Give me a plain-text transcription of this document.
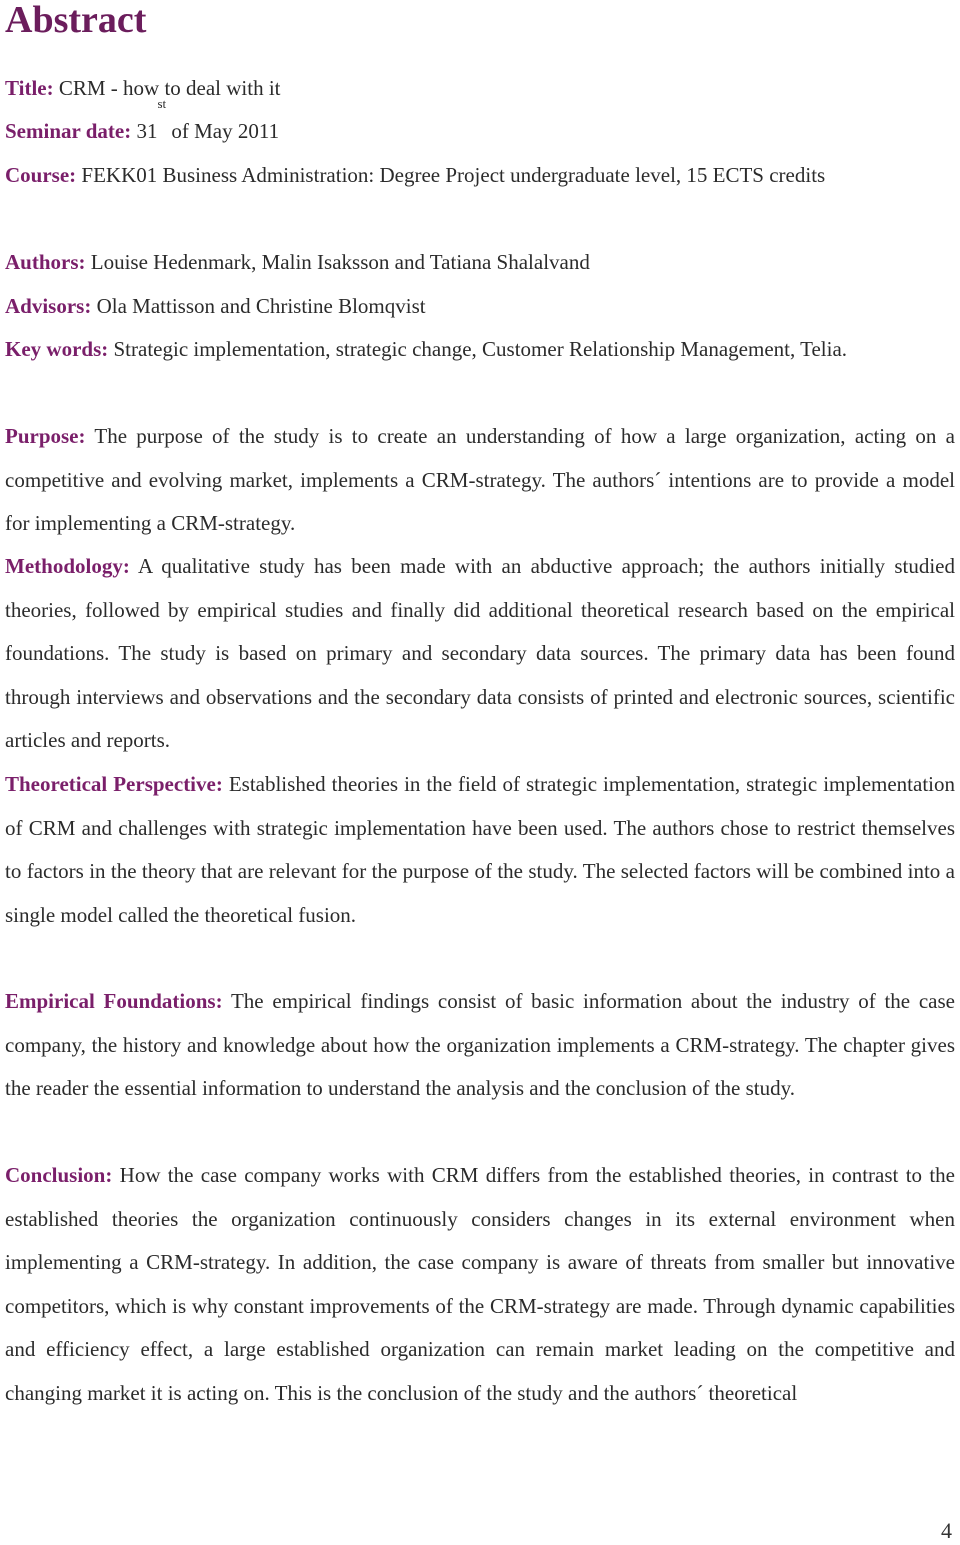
Abstract
Title: CRM - how to deal with it
Seminar date: 31st of May 2011
Course: FEKK01 Business Administration: Degree Project undergraduate level, 15 ECTS credits
Authors: Louise Hedenmark, Malin Isaksson and Tatiana Shalalvand
Advisors: Ola Mattisson and Christine Blomqvist
Key words: Strategic implementation, strategic change, Customer Relationship Management, Telia.
Purpose: The purpose of the study is to create an understanding of how a large organization, acting on a competitive and evolving market, implements a CRM-strategy. The authors´ intentions are to provide a model for implementing a CRM-strategy.
Methodology: A qualitative study has been made with an abductive approach; the authors initially studied theories, followed by empirical studies and finally did additional theoretical research based on the empirical foundations. The study is based on primary and secondary data sources. The primary data has been found through interviews and observations and the secondary data consists of printed and electronic sources, scientific articles and reports.
Theoretical Perspective: Established theories in the field of strategic implementation, strategic implementation of CRM and challenges with strategic implementation have been used. The authors chose to restrict themselves to factors in the theory that are relevant for the purpose of the study. The selected factors will be combined into a single model called the theoretical fusion.
Empirical Foundations: The empirical findings consist of basic information about the industry of the case company, the history and knowledge about how the organization implements a CRM-strategy. The chapter gives the reader the essential information to understand the analysis and the conclusion of the study.
Conclusion: How the case company works with CRM differs from the established theories, in contrast to the established theories the organization continuously considers changes in its external environment when implementing a CRM-strategy. In addition, the case company is aware of threats from smaller but innovative competitors, which is why constant improvements of the CRM-strategy are made. Through dynamic capabilities and efficiency effect, a large established organization can remain market leading on the competitive and changing market it is acting on. This is the conclusion of the study and the authors´ theoretical
4
